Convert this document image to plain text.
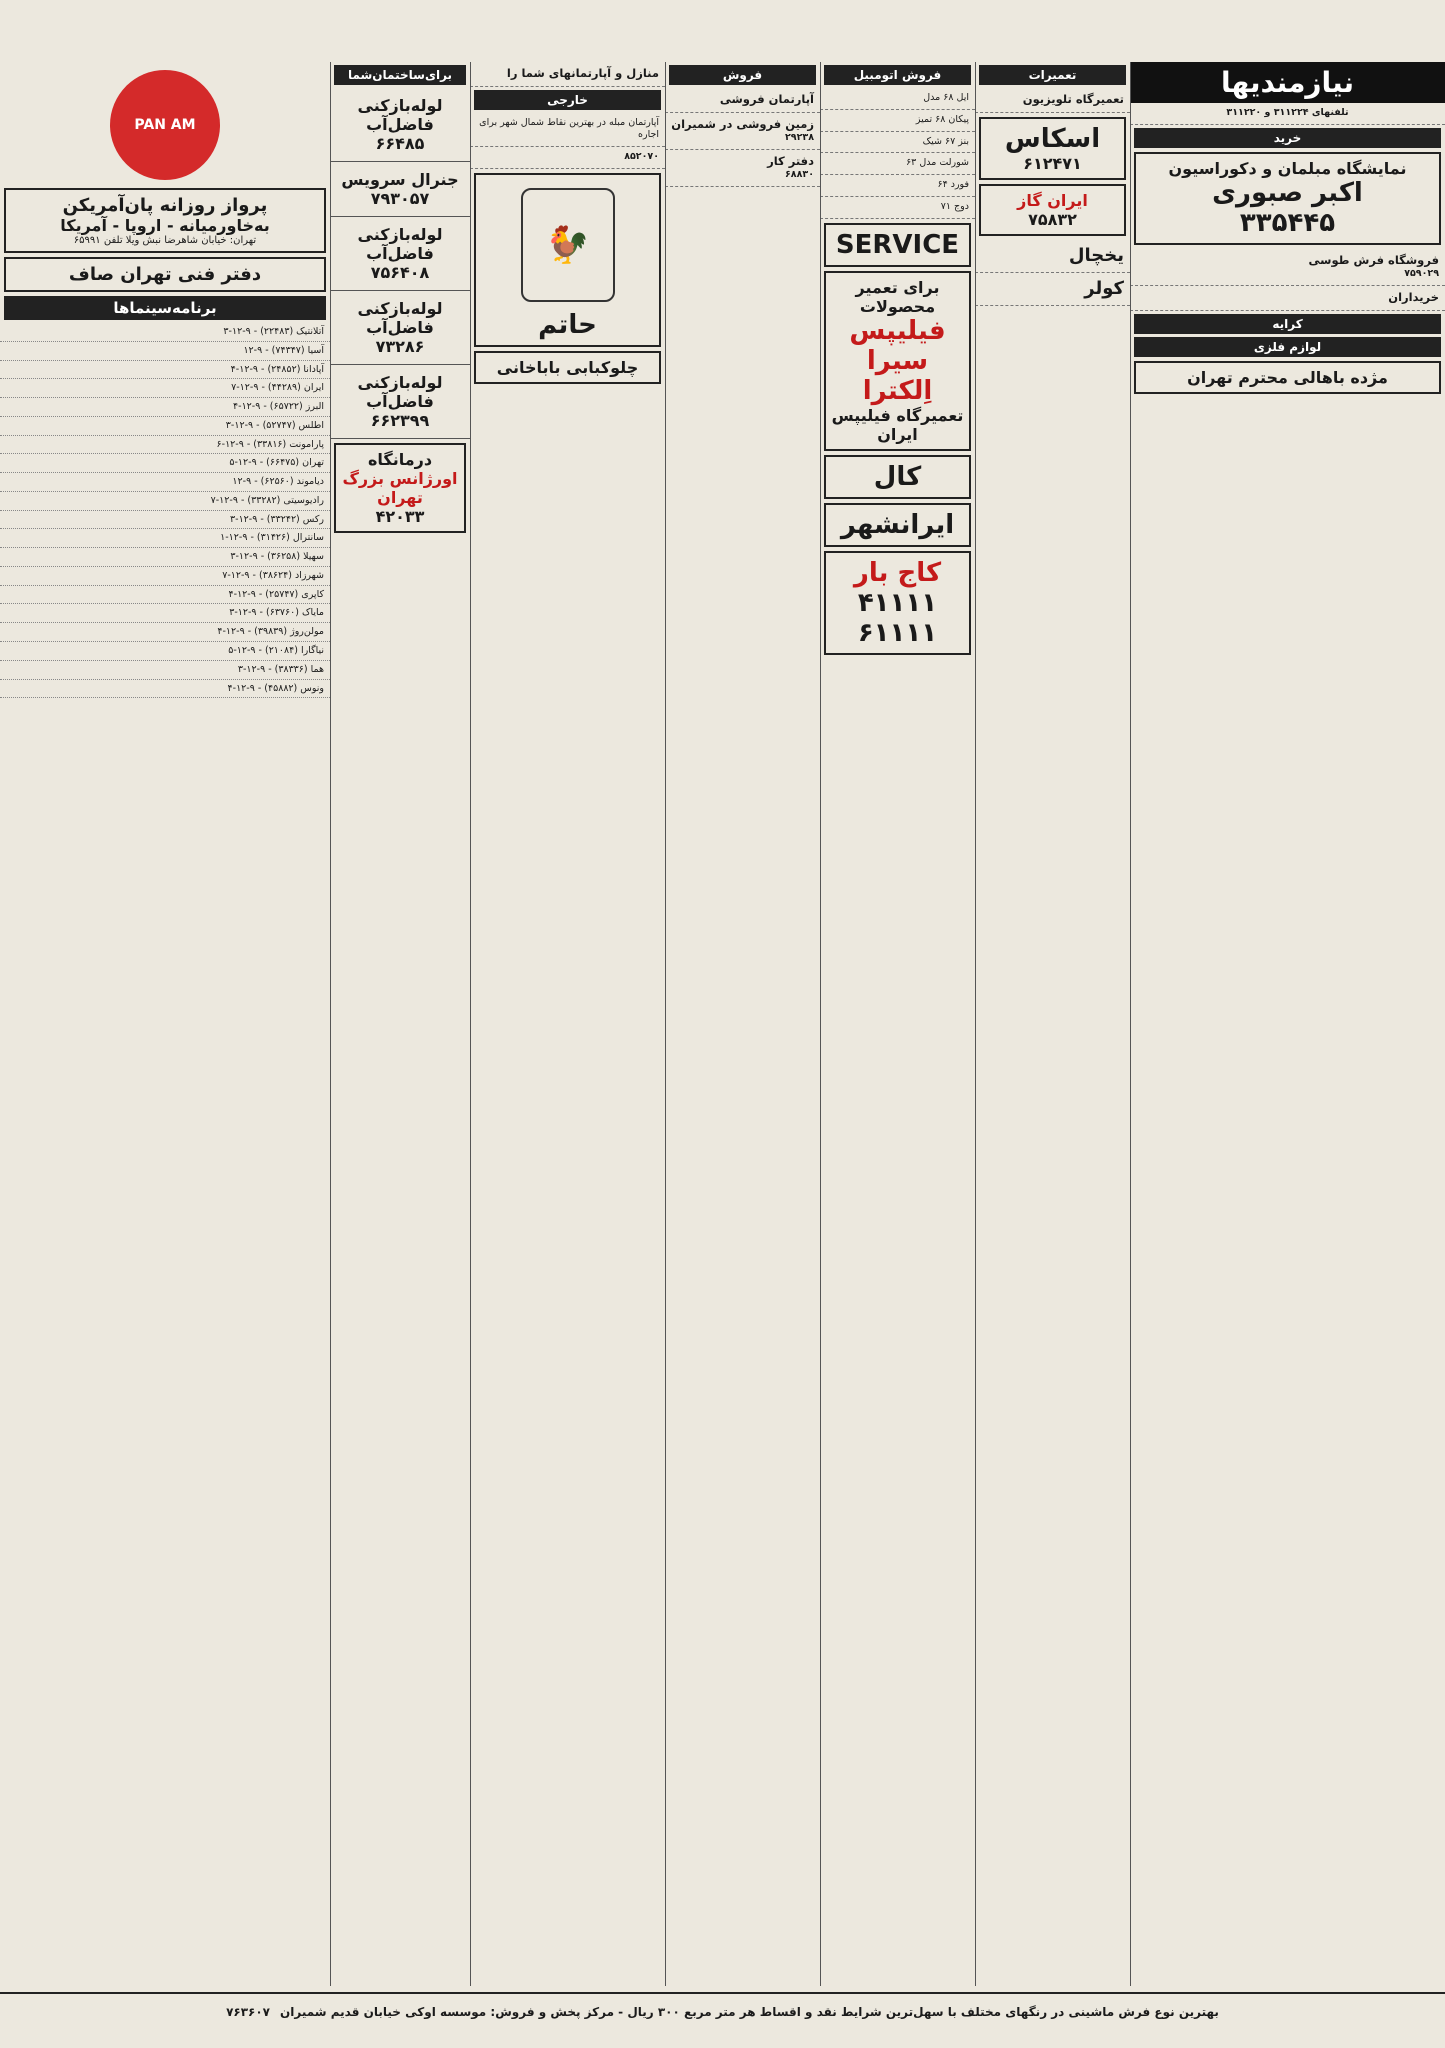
نیازمندیها
تلفنهای ۳۱۱۲۲۴ و ۳۱۱۲۲۰
خرید
نمایشگاه مبلمان و دکوراسیون
اکبر صبوری
۳۳۵۴۴۵
فروشگاه فرش طوسی
۷۵۹۰۲۹
خریداران
کرایه
لوازم فلزی
مژده باهالی محترم تهران
تعمیرات
تعمیرگاه تلویزیون
اسکاس
۶۱۲۴۷۱
ایران گاز
۷۵۸۳۲
یخچال
کولر
فروش اتومبیل
ایل ۶۸ مدل
پیکان ۶۸ تمیز
بنز ۶۷ شیک
شورلت مدل ۶۳
فورد ۶۴
دوج ۷۱
SERVICE
برای تعمیر محصولات
فیلیپس
سیرا اِلکترا
تعمیرگاه فیلیپس ایران
کال
ایرانشهر
کاج بار
۴۱۱۱۱
۶۱۱۱۱
فروش
آپارتمان فروشی
زمین فروشی در شمیران
۲۹۲۳۸
دفتر کار
۶۸۸۳۰
منازل و آپارتمانهای شما را
خارجی
آپارتمان مبله در بهترین نقاط شمال شهر برای اجاره
۸۵۲۰۷۰
🐓
حاتم
چلوکبابی باباخانی
برای‌ساختمان‌شما
لوله‌بازکنی فاضل‌آب
۶۶۴۸۵
جنرال سرویس
۷۹۳۰۵۷
لوله‌بازکنی فاضل‌آب
۷۵۶۴۰۸
لوله‌بازکنی فاضل‌آب
۷۳۲۸۶
لوله‌بازکنی فاضل‌آب
۶۶۲۳۹۹
درمانگاه
اورژانس بزرگ تهران
۴۲۰۳۳
PAN AM
پرواز روزانه پان‌آمریکن
به‌خاورمیانه - اروپا - آمریکا
تهران: خیابان شاهرضا نبش ویلا تلفن ۶۵۹۹۱
دفتر فنی تهران صاف
برنامه‌سینماها
آتلانتیک (۲۲۴۸۳) - ۹-۱۲-۳
آسیا (۷۴۳۴۷) - ۹-۱۲
آپادانا (۲۴۸۵۲) - ۹-۱۲-۴
ایران (۴۴۲۸۹) - ۹-۱۲-۷
البرز (۶۵۷۲۲) - ۹-۱۲-۴
اطلس (۵۲۷۴۷) - ۹-۱۲-۳
پارامونت (۳۳۸۱۶) - ۹-۱۲-۶
تهران (۶۶۴۷۵) - ۹-۱۲-۵
دیاموند (۶۲۵۶۰) - ۹-۱۲
رادیوسیتی (۳۳۲۸۲) - ۹-۱۲-۷
رکس (۳۳۲۴۲) - ۹-۱۲-۳
سانترال (۳۱۴۲۶) - ۹-۱۲-۱
سهیلا (۳۶۲۵۸) - ۹-۱۲-۳
شهرزاد (۳۸۶۲۴) - ۹-۱۲-۷
کاپری (۲۵۷۴۷) - ۹-۱۲-۴
مایاک (۶۳۷۶۰) - ۹-۱۲-۳
مولن‌روژ (۳۹۸۳۹) - ۹-۱۲-۴
نیاگارا (۲۱۰۸۴) - ۹-۱۲-۵
هما (۳۸۳۳۶) - ۹-۱۲-۳
ونوس (۴۵۸۸۲) - ۹-۱۲-۴
بهترین نوع فرش ماشینی در رنگهای مختلف با سهل‌ترین شرایط نقد و اقساط هر متر مربع ۳۰۰ ریال - مرکز پخش و فروش: موسسه اوکی خیابان قدیم شمیران
۷۶۳۶۰۷
